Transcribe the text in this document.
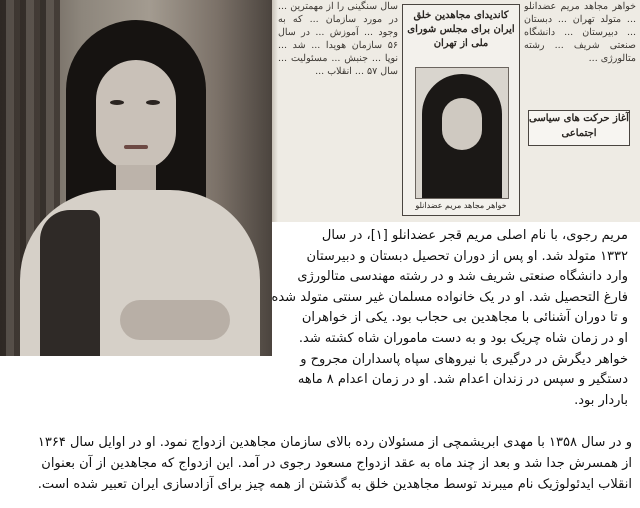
سال سنگینی را از مهمترین ... در مورد سازمان ... که به وجود ... آموزش ... در سال ۵۶ سازمان هویدا ... شد ... نوپا ... جنبش ... مسئولیت ... سال ۵۷ ... انقلاب ...
کاندیدای مجاهدین خلق ایران برای مجلس شورای ملی از تهران
خواهر مجاهد مریم عضدانلو
خواهر مجاهد مریم عضدانلو ... متولد تهران ... دبستان ... دبیرستان ... دانشگاه صنعتی شریف ... رشته متالورژی ...
آغاز حرکت های سیاسی اجتماعی

مریم رجوی، با نام اصلی مریم قجر عضدانلو [۱]، در سال

۱۳۳۲ متولد شد. او پس از دوران تحصیل دبستان و دبیرستان

وارد دانشگاه صنعتی شریف شد و در رشته مهندسی متالورژی

فارغ التحصیل شد. او در یک خانواده مسلمان غیر سنتی متولد شده

و تا دوران آشنائی با مجاهدین بی حجاب بود. یکی از خواهران

او در زمان شاه چریک بود و به دست ماموران شاه کشته شد.

خواهر دیگرش در درگیری با نیروهای سپاه پاسداران مجروح و

دستگیر و سپس در زندان اعدام شد. او در زمان اعدام ۸ ماهه

باردار بود.

و در سال ۱۳۵۸ با مهدی ابریشمچی از مسئولان رده بالای سازمان مجاهدین ازدواج نمود. او در اوایل سال ۱۳۶۴

از همسرش جدا شد و بعد از چند ماه به عقد ازدواج مسعود رجوی در آمد. این ازدواج که مجاهدین از آن بعنوان

انقلاب ایدئولوژیک نام میبرند توسط مجاهدین خلق به گذشتن از همه چیز برای آزادسازی ایران تعبیر شده است.
